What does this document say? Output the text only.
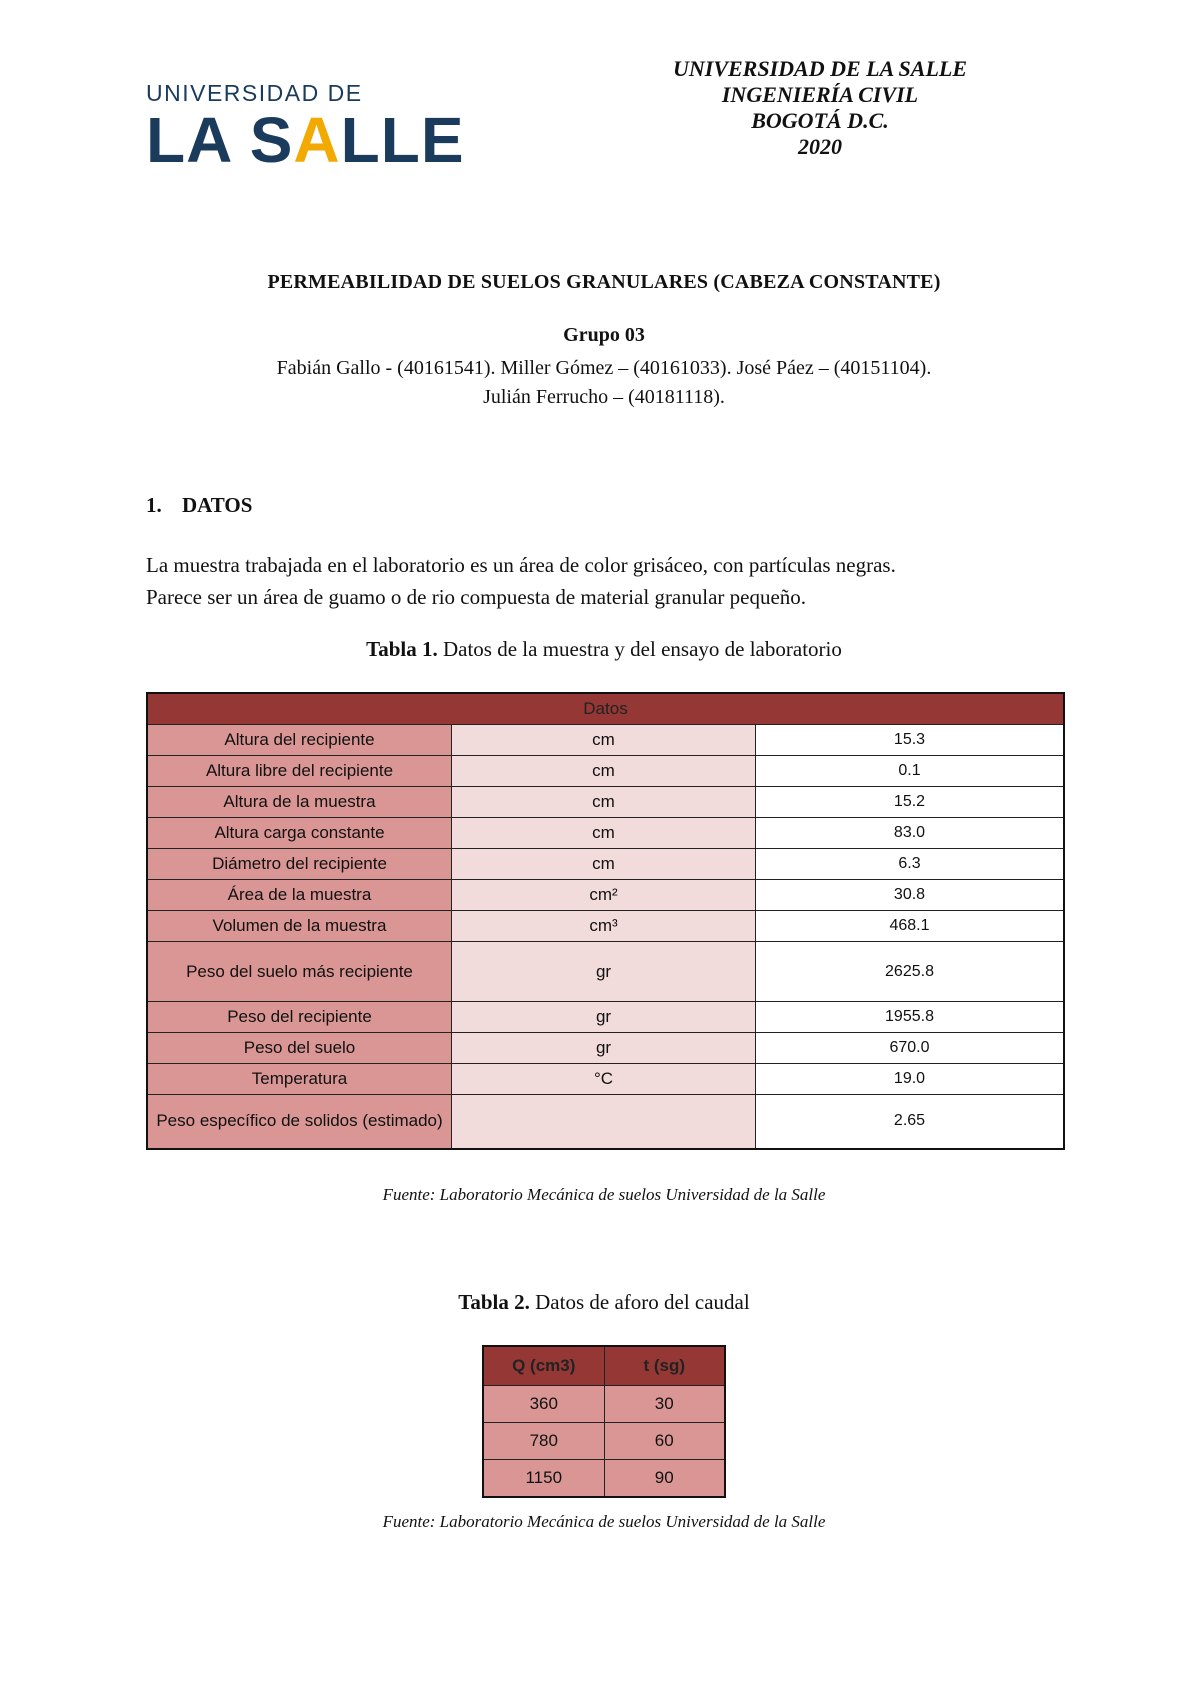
UNIVERSIDAD DE
LA SALLE
UNIVERSIDAD DE LA SALLE
INGENIERÍA CIVIL
BOGOTÁ D.C.
2020
PERMEABILIDAD DE SUELOS GRANULARES (CABEZA CONSTANTE)
Grupo 03
Fabián Gallo - (40161541). Miller Gómez – (40161033). José Páez – (40151104).
Julián Ferrucho – (40181118).
1. DATOS
La muestra trabajada en el laboratorio es un área de color grisáceo, con partículas negras.
Parece ser un área de guamo o de rio compuesta de material granular pequeño.
Tabla 1. Datos de la muestra y del ensayo de laboratorio
Datos		
Altura del recipiente	cm	15.3
Altura libre del recipiente	cm	0.1
Altura de la muestra	cm	15.2
Altura carga constante	cm	83.0
Diámetro del recipiente	cm	6.3
Área de la muestra	cm²	30.8
Volumen de la muestra	cm³	468.1
Peso del suelo más recipiente	gr	2625.8
Peso del recipiente	gr	1955.8
Peso del suelo	gr	670.0
Temperatura	°C	19.0
Peso específico de solidos (estimado)		2.65
Fuente: Laboratorio Mecánica de suelos Universidad de la Salle
Tabla 2. Datos de aforo del caudal
Q (cm3)	t (sg)
360	30
780	60
1150	90
Fuente: Laboratorio Mecánica de suelos Universidad de la Salle
